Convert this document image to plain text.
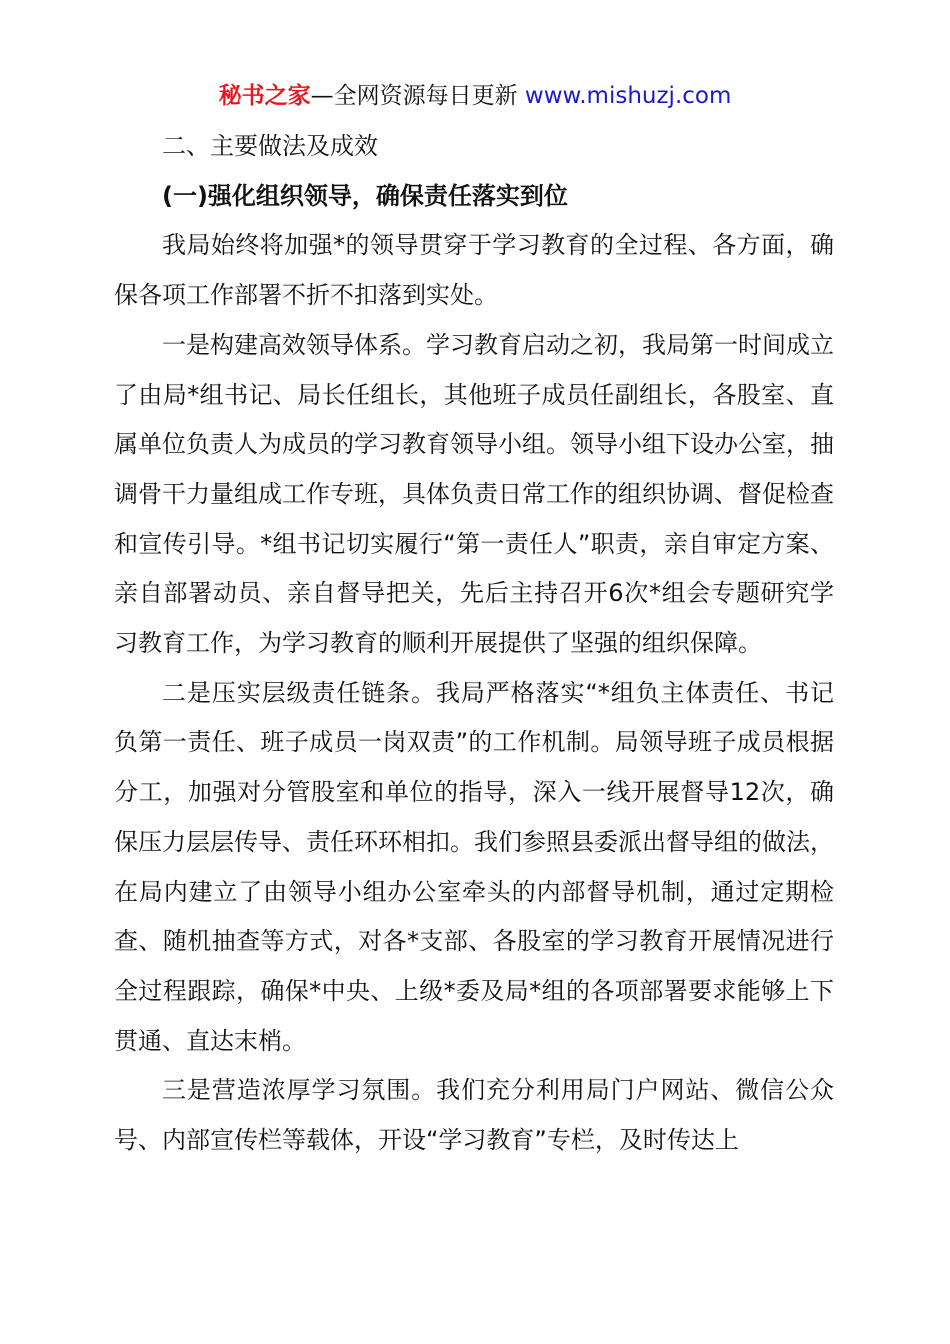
秘书之家—全网资源每日更新 www.mishuzj.com

二、主要做法及成效

(一)强化组织领导，确保责任落实到位

我局始终将加强*的领导贯穿于学习教育的全过程、各方面，确保各项工作部署不折不扣落到实处。

一是构建高效领导体系。学习教育启动之初，我局第一时间成立了由局*组书记、局长任组长，其他班子成员任副组长，各股室、直属单位负责人为成员的学习教育领导小组。领导小组下设办公室，抽调骨干力量组成工作专班，具体负责日常工作的组织协调、督促检查和宣传引导。*组书记切实履行“第一责任人”职责，亲自审定方案、亲自部署动员、亲自督导把关，先后主持召开6次*组会专题研究学习教育工作，为学习教育的顺利开展提供了坚强的组织保障。

二是压实层级责任链条。我局严格落实“*组负主体责任、书记负第一责任、班子成员一岗双责”的工作机制。局领导班子成员根据分工，加强对分管股室和单位的指导，深入一线开展督导12次，确保压力层层传导、责任环环相扣。我们参照县委派出督导组的做法，在局内建立了由领导小组办公室牵头的内部督导机制，通过定期检查、随机抽查等方式，对各*支部、各股室的学习教育开展情况进行全过程跟踪，确保*中央、上级*委及局*组的各项部署要求能够上下贯通、直达末梢。

三是营造浓厚学习氛围。我们充分利用局门户网站、微信公众号、内部宣传栏等载体，开设“学习教育”专栏，及时传达上
